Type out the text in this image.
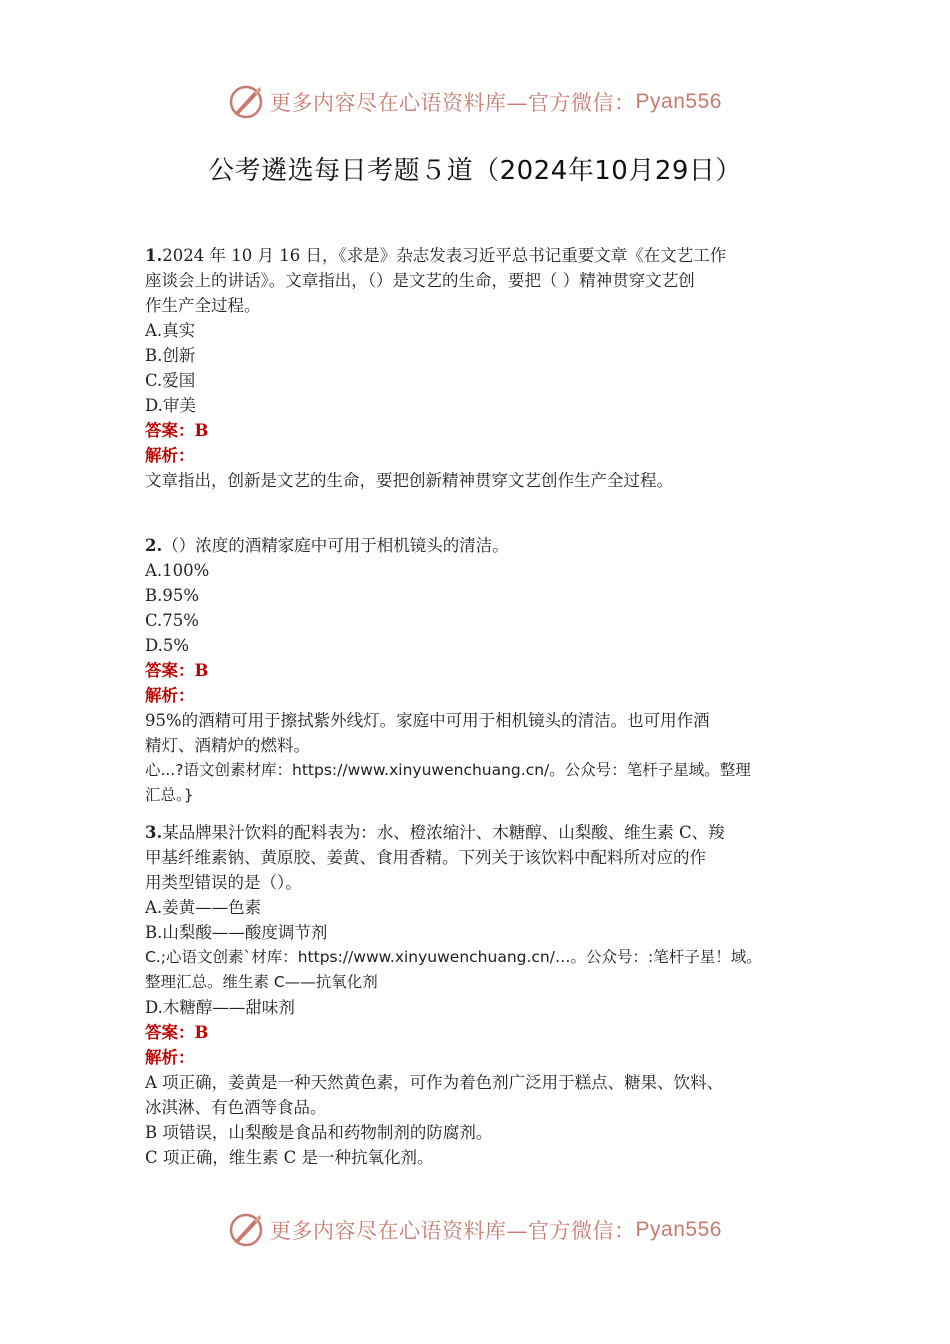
更多内容尽在心语资料库—官方微信： Pyan556
公考遴选每日考题５道（2024年10月29日）
1.2024 年 10 月 16 日，《求是》杂志发表习近平总书记重要文章《在文艺工作
座谈会上的讲话》。文章指出，（）是文艺的生命，要把（ ）精神贯穿文艺创
作生产全过程。
A.真实
B.创新
C.爱国
D.审美
答案：B
解析：
文章指出，创新是文艺的生命，要把创新精神贯穿文艺创作生产全过程。
2.（）浓度的酒精家庭中可用于相机镜头的清洁。
A.100%
B.95%
C.75%
D.5%
答案：B
解析：
95%的酒精可用于擦拭紫外线灯。家庭中可用于相机镜头的清洁。也可用作酒
精灯、酒精炉的燃料。
心...?语文创素材库：https://www.xinyuwenchuang.cn/。公众号：笔杆子星域。整理
汇总。}
3.某品牌果汁饮料的配料表为：水、橙浓缩汁、木糖醇、山梨酸、维生素 C、羧
甲基纤维素钠、黄原胶、姜黄、食用香精。下列关于该饮料中配料所对应的作
用类型错误的是（）。
A.姜黄——色素
B.山梨酸——酸度调节剂
C.;心语文创素`材库：https://www.xinyuwenchuang.cn/…。公众号：:笔杆子星！域。
整理汇总。维生素 C——抗氧化剂
D.木糖醇——甜味剂
答案：B
解析：
A 项正确，姜黄是一种天然黄色素，可作为着色剂广泛用于糕点、糖果、饮料、
冰淇淋、有色酒等食品。
B 项错误，山梨酸是食品和药物制剂的防腐剂。
C 项正确，维生素 C 是一种抗氧化剂。
更多内容尽在心语资料库—官方微信： Pyan556
